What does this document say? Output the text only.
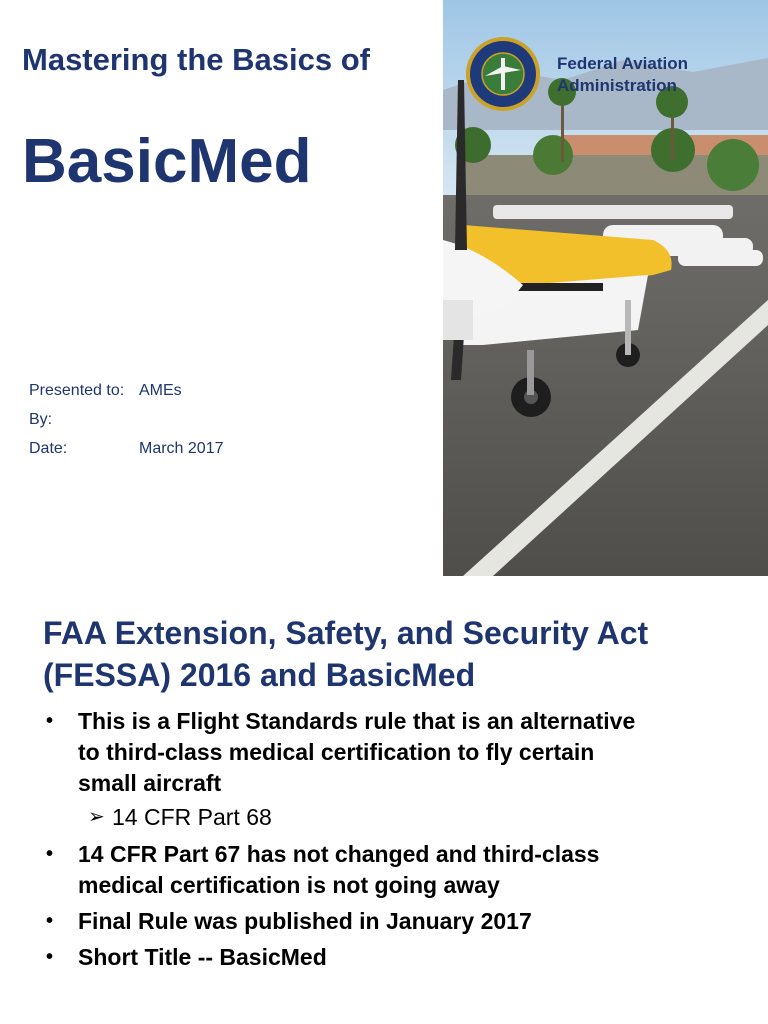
Mastering the Basics of
BasicMed
Presented to: AMEs
By:
Date:	March 2017
Federal Aviation
Administration
FAA Extension, Safety, and Security Act
(FESSA) 2016 and BasicMed
• This is a Flight Standards rule that is an alternative
to third-class medical certification to fly certain
small aircraft
➢ 14 CFR Part 68
• 14 CFR Part 67 has not changed and third-class
medical certification is not going away
• Final Rule was published in January 2017
• Short Title -- BasicMed
